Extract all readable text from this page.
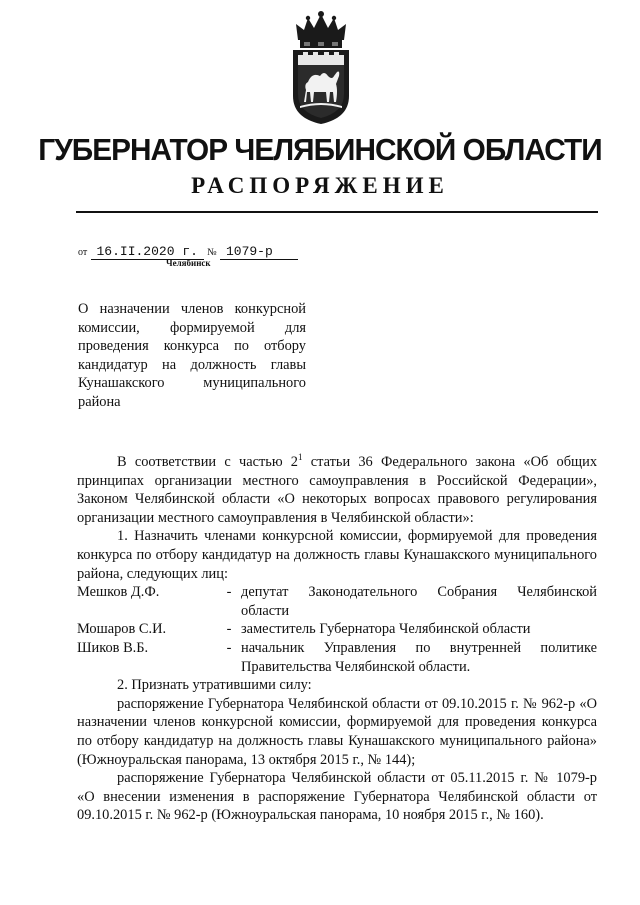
ГУБЕРНАТОР ЧЕЛЯБИНСКОЙ ОБЛАСТИ
РАСПОРЯЖЕНИЕ
от 16.II.2020 г. № 1079-р
Челябинск
О назначении членов конкурсной комиссии, формируемой для проведения конкурса по отбору кандидатур на должность главы Кунашакского муниципального района

В соответствии с частью $2^1$ статьи 36 Федерального закона «Об общих принципах организации местного самоуправления в Российской Федерации», Законом Челябинской области «О некоторых вопросах правового регулирования организации местного самоуправления в Челябинской области»:

1. Назначить членами конкурсной комиссии, формируемой для проведения конкурса по отбору кандидатур на должность главы Кунашакского муниципального района, следующих лиц:

Мешков Д.Ф.	- депутат Законодательного Собрания Челябинской области
Мошаров С.И.	- заместитель Губернатора Челябинской области
Шиков В.Б.	- начальник Управления по внутренней политике Правительства Челябинской области.

2. Признать утратившими силу:

распоряжение Губернатора Челябинской области от 09.10.2015 г. № 962-р «О назначении членов конкурсной комиссии, формируемой для проведения конкурса по отбору кандидатур на должность главы Кунашакского муниципального района» (Южноуральская панорама, 13 октября 2015 г., № 144);

распоряжение Губернатора Челябинской области от 05.11.2015 г. № 1079-р «О внесении изменения в распоряжение Губернатора Челябинской области от 09.10.2015 г. № 962-р (Южноуральская панорама, 10 ноября 2015 г., № 160).
